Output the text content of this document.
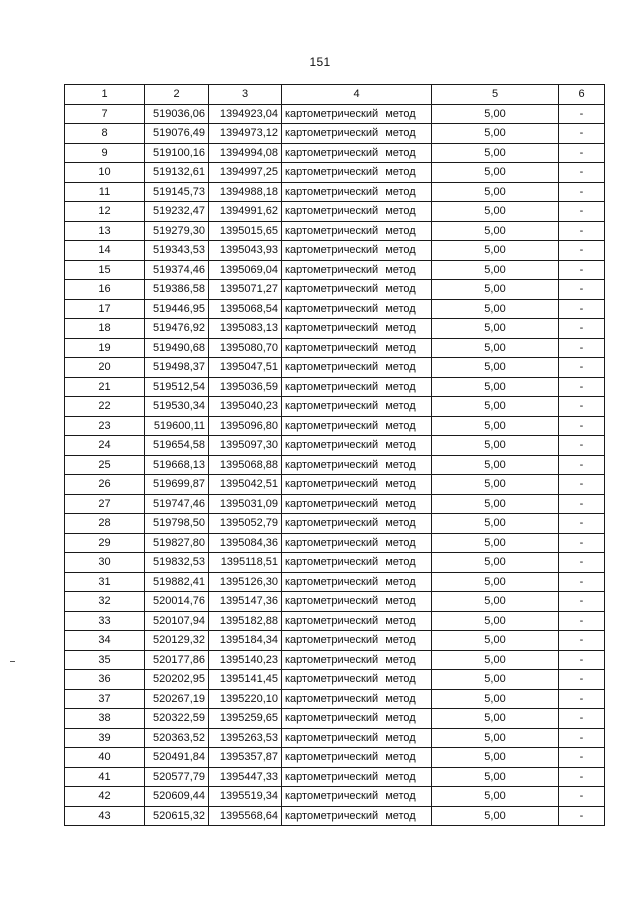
151
1	2	3	4	5	6
7	519036,06	1394923,04	картометрический метод	5,00	-
8	519076,49	1394973,12	картометрический метод	5,00	-
9	519100,16	1394994,08	картометрический метод	5,00	-
10	519132,61	1394997,25	картометрический метод	5,00	-
11	519145,73	1394988,18	картометрический метод	5,00	-
12	519232,47	1394991,62	картометрический метод	5,00	-
13	519279,30	1395015,65	картометрический метод	5,00	-
14	519343,53	1395043,93	картометрический метод	5,00	-
15	519374,46	1395069,04	картометрический метод	5,00	-
16	519386,58	1395071,27	картометрический метод	5,00	-
17	519446,95	1395068,54	картометрический метод	5,00	-
18	519476,92	1395083,13	картометрический метод	5,00	-
19	519490,68	1395080,70	картометрический метод	5,00	-
20	519498,37	1395047,51	картометрический метод	5,00	-
21	519512,54	1395036,59	картометрический метод	5,00	-
22	519530,34	1395040,23	картометрический метод	5,00	-
23	519600,11	1395096,80	картометрический метод	5,00	-
24	519654,58	1395097,30	картометрический метод	5,00	-
25	519668,13	1395068,88	картометрический метод	5,00	-
26	519699,87	1395042,51	картометрический метод	5,00	-
27	519747,46	1395031,09	картометрический метод	5,00	-
28	519798,50	1395052,79	картометрический метод	5,00	-
29	519827,80	1395084,36	картометрический метод	5,00	-
30	519832,53	1395118,51	картометрический метод	5,00	-
31	519882,41	1395126,30	картометрический метод	5,00	-
32	520014,76	1395147,36	картометрический метод	5,00	-
33	520107,94	1395182,88	картометрический метод	5,00	-
34	520129,32	1395184,34	картометрический метод	5,00	-
35	520177,86	1395140,23	картометрический метод	5,00	-
36	520202,95	1395141,45	картометрический метод	5,00	-
37	520267,19	1395220,10	картометрический метод	5,00	-
38	520322,59	1395259,65	картометрический метод	5,00	-
39	520363,52	1395263,53	картометрический метод	5,00	-
40	520491,84	1395357,87	картометрический метод	5,00	-
41	520577,79	1395447,33	картометрический метод	5,00	-
42	520609,44	1395519,34	картометрический метод	5,00	-
43	520615,32	1395568,64	картометрический метод	5,00	-
